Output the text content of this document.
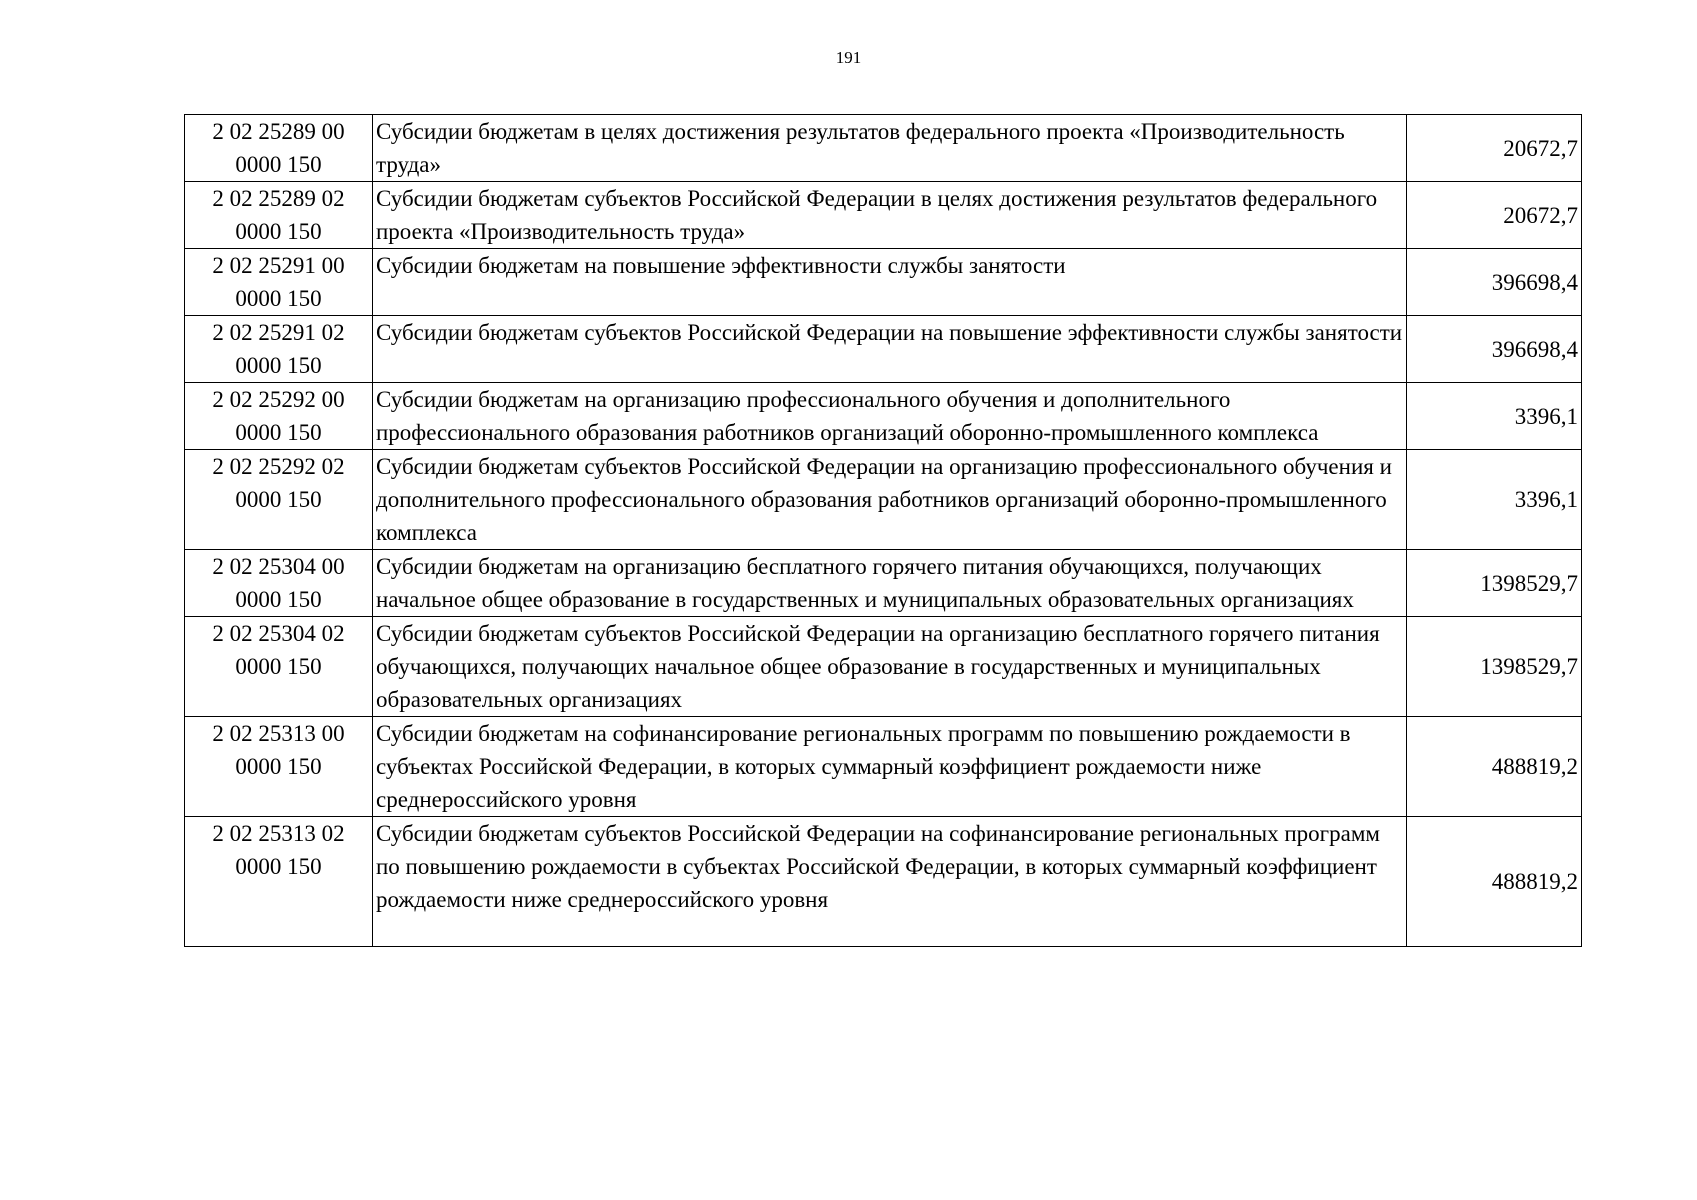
191
2 02 25289 00 0000 150	Субсидии бюджетам в целях достижения результатов федерального проекта «Производительность труда»	20672,7
2 02 25289 02 0000 150	Субсидии бюджетам субъектов Российской Федерации в целях достижения результатов федерального проекта «Производительность труда»	20672,7
2 02 25291 00 0000 150	Субсидии бюджетам на повышение эффективности службы занятости	396698,4
2 02 25291 02 0000 150	Субсидии бюджетам субъектов Российской Федерации на повышение эффективности службы занятости	396698,4
2 02 25292 00 0000 150	Субсидии бюджетам на организацию профессионального обучения и дополнительного профессионального образования работников организаций оборонно-промышленного комплекса	3396,1
2 02 25292 02 0000 150	Субсидии бюджетам субъектов Российской Федерации на организацию профессионального обучения и дополнительного профессионального образования работников организаций оборонно-промышленного комплекса	3396,1
2 02 25304 00 0000 150	Субсидии бюджетам на организацию бесплатного горячего питания обучающихся, получающих начальное общее образование в государственных и муниципальных образовательных организациях	1398529,7
2 02 25304 02 0000 150	Субсидии бюджетам субъектов Российской Федерации на организацию бесплатного горячего питания обучающихся, получающих начальное общее образование в государственных и муниципальных образовательных организациях	1398529,7
2 02 25313 00 0000 150	Субсидии бюджетам на софинансирование региональных программ по повышению рождаемости в субъектах Российской Федерации, в которых суммарный коэффициент рождаемости ниже среднероссийского уровня	488819,2
2 02 25313 02 0000 150	Субсидии бюджетам субъектов Российской Федерации на софинансирование региональных программ по повышению рождаемости в субъектах Российской Федерации, в которых суммарный коэффициент рождаемости ниже среднероссийского уровня	488819,2
